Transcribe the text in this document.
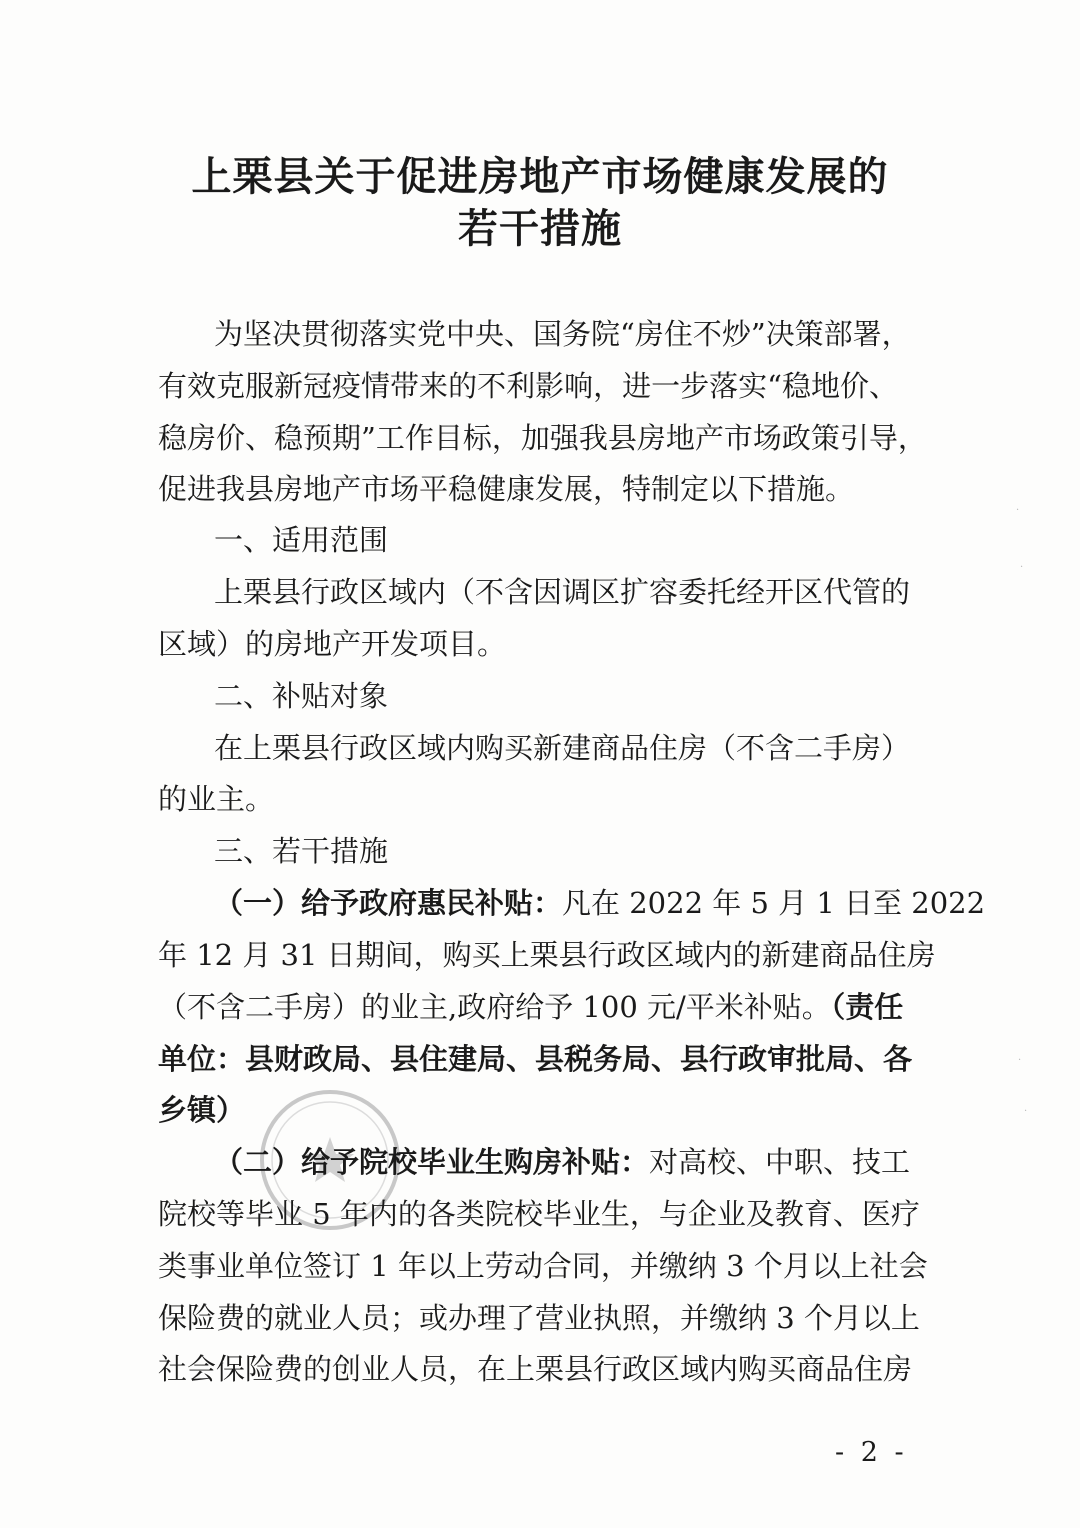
上栗县关于促进房地产市场健康发展的
若干措施
为坚决贯彻落实党中央、国务院“房住不炒”决策部署，
有效克服新冠疫情带来的不利影响，进一步落实“稳地价、
稳房价、稳预期”工作目标，加强我县房地产市场政策引导，
促进我县房地产市场平稳健康发展，特制定以下措施。
一、适用范围
上栗县行政区域内（不含因调区扩容委托经开区代管的
区域）的房地产开发项目。
二、补贴对象
在上栗县行政区域内购买新建商品住房（不含二手房）
的业主。
三、若干措施
（一）给予政府惠民补贴：凡在 2022 年 5 月 1 日至 2022
年 12 月 31 日期间，购买上栗县行政区域内的新建商品住房
（不含二手房）的业主,政府给予 100 元/平米补贴。（责任
单位：县财政局、县住建局、县税务局、县行政审批局、各
乡镇）
（二）给予院校毕业生购房补贴：对高校、中职、技工
院校等毕业 5 年内的各类院校毕业生，与企业及教育、医疗
类事业单位签订 1 年以上劳动合同，并缴纳 3 个月以上社会
保险费的就业人员；或办理了营业执照，并缴纳 3 个月以上
社会保险费的创业人员，在上栗县行政区域内购买商品住房
- 2 -
·
·
·
·
